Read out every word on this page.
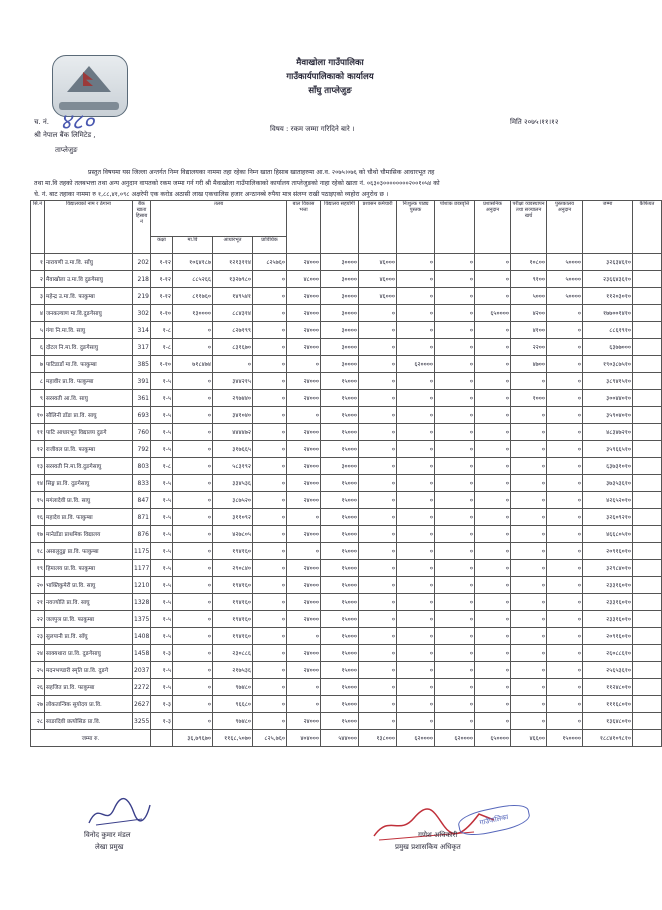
मैवाखोला गाउँपालिका
गाउँकार्यपालिकाको कार्यालय
साँघु ताप्लेजुङ
च. नं. ४८०	मिति २०७५।११।१२
श्री नेपाल बैंक लिमिटेड ,
ताप्लेजुङ
विषय : रकम जम्मा गरिदिने बारे ।
प्रस्तुत विषयमा यस जिल्ला अन्तर्गत निम्न विद्यालयका नाममा तहा रहेका निम्न खाता हिसाब खाताहरुमा आ.व. २०७५।०७६ को चौथो चौमासिक आधारभूत तह
तथा मा.वि तहको तलबभत्ता तथा अन्य अनुदान वापतको रकम जम्मा गर्न गरी श्री मैवाखोला गाउँपालिकाको कार्यालय ताप्लेजुङको नाहा रहेको खाता नं. ०६३०३००००००००२००१०५४ को
चे. नं. बाट तहाका नाममा रु १,८८,४१,०९८ अक्षरेपी एक करोड अठासी लाख एकचालिस हजार अन्ठानब्बे रुपैया मात्र संलग्न राखी पठाइएको व्यहोरा अनुरोध छ ।
सि.नं	विद्यालयको नाम र ठेगाना	बैंक खाता हिसाब नं	तलब				बाल विकास भत्ता	विद्यालय सहयोगी	प्रशासन कर्मचारी	निःशुल्क पाठ्य पुस्तक	पोशाक छात्रवृत्ति	प्रशासनिक अनुदान	परीक्षा व्यवस्थापन तथा सञ्चालन खर्च	पुस्तकालय अनुदान	जम्मा	कैफियत
			कक्षा	मा.वि	आधारभूत	प्राविधिक										
१	नारायणी उ.मा.वि. साँघु	202	१-१२	१०६४१८७	१२१३११४	८२५७६०	२४०००	३००००	४६०००	०	०	०	१०८००	५००००	३२६३४६१०	
२	मैवाखोला उ.मा.वि दुङगेसाघु	218	१-१२	८८५२६६	१३२७९८०	०	४८०००	३००००	४६०००	०	०	०	९१००	५००००	२३६६४३६१०	
३	महेन्द्र उ.मा.वि. फाकुम्बा	219	१-१२	८११७६०	१४९५४१	०	२४०००	३००००	४६०००	०	०	०	५०००	५००००	११२०३०१०	
४	जनकल्याण मा.वि.दुङगेसाघु	302	१-१०	१३००००	८८४३१४	०	२४०००	३००००	०	०	०	६५००००	४२००	०	१७७००१४१०	
५	गंगा नि.मा.वि. साघु	314	१-८	०	८२७१९९	०	२४०००	३००००	०	०	०	०	४१००	०	८८६१९१०	
६	दोटल नि.मा.वि. दुङगेसाघु	317	१-८	०	८३१६७०	०	२४०००	३००००	०	०	०	०	२२००	०	६३७७०००	
७	पाटिडाडाँ मा.वि. फाकुम्बा	385	१-१०	७१८४७४	०	०	०	३००००	०	६२००००	०	०	४७००	०	१९०३८७५१०	
८	महावीर प्रा.वि. फाकुम्बा	391	१-५	०	३४४२१५	०	२४०००	१५०००	०	०	०	०	०	०	३८९४१५१०	
९	सरस्वती आ.वि. साघु	361	१-५	०	२९७४४०	०	२४०००	१५०००	०	०	०	०	१०००	०	३००४४०१०	
१०	सौलिनी डाँडा प्रा.वि. साघु	693	१-५	०	३४१०४०	०	०	१५०००	०	०	०	०	०	०	३५९०४०१०	
११	पाटि आधारभूत विद्यालय दुङगे	760	१-५	०	४४४४७२	०	२४०००	१५०००	०	०	०	०	०	०	४८३४७२१०	
१२	राजीवल प्रा.वि. फाकुम्बा	792	१-५	०	३१७६६५	०	२४०००	१५०००	०	०	०	०	०	०	३५९६६५१०	
१३	सरस्वती नि.मा.वि.दुङगेसाघु	803	१-८	०	५८३१९२	०	२४०००	३००००	०	०	०	०	०	०	६३७३१०१०	
१४	सिङ्ग प्रा.वि. दुङगेसाघु	833	१-५	०	३३४५३६	०	२४०००	१५०००	०	०	०	०	०	०	३७३५३६१०	
१५	मगंलादेवी प्रा.वि. साघु	847	१-५	०	३८७५२०	०	२४०००	१५०००	०	०	०	०	०	०	४२६५२०१०	
१६	महादेव प्रा.वि. फाकुम्बा	871	१-५	०	३११०९२	०	०	१५०००	०	०	०	०	०	०	३२६०९२१०	
१७	मानेडाँडा प्राथमिक विद्यालय	876	१-५	०	४२७८०५	०	२४०००	१५०००	०	०	०	०	०	०	४६६८०५१०	
१८	असालुदुङ्ग प्रा.वि. फाकुम्बा	1175	१-५	०	१९४१६०	०	०	१५०००	०	०	०	०	०	०	२०९१६०१०	
१९	हिमालय प्रा.वि. फाकुम्बा	1177	१-५	०	२९०८४०	०	२४०००	१५०००	०	०	०	०	०	०	३२९८४०१०	
२०	भाक्तिकुमेरी प्रा.वि. साघु	1210	१-५	०	१९४१६०	०	२४०००	१५०००	०	०	०	०	०	०	२३३१६०१०	
२१	नवज्योति प्रा.वि. साघु	1328	१-५	०	१९४१६०	०	२४०००	१५०००	०	०	०	०	०	०	२३३१६०१०	
२२	जलपुञ प्रा.वि. फाकुम्बा	1375	१-५	०	१९४१६०	०	२४०००	१५०००	०	०	०	०	०	०	२३३१६०१०	
२३	सुलपानी प्रा.वि. साँघु	1408	१-५	०	१९४१६०	०	०	१५०००	०	०	०	०	०	०	२०९१६०१०	
२४	साक्यथारा प्रा.वि. दुङगेसाघु	1458	१-३	०	२३०८८६	०	२४०००	१५०००	०	०	०	०	०	०	२६०८८६१०	
२५	मदनभण्डारी स्मृति प्रा.वि. दुङगे	2037	१-५	०	२१७५३६	०	२४०००	१५०००	०	०	०	०	०	०	२५६५३६१०	
२६	सहजित प्रा.वि. फाकुम्बा	2272	१-५	०	९७४८०	०	०	१५०००	०	०	०	०	०	०	११२४८०१०	
२७	लोकतान्त्रिक सुयोदय प्रा.वि.	2627	१-३	०	९६६८०	०	०	१५०००	०	०	०	०	०	०	१११६८०१०	
२८	साङादिवी छत्योसिङ प्रा.वि.	3255	१-३	०	९७४८०	०	२४०००	१५०००	०	०	०	०	०	०	१३६४८०१०	
जम्मा रु.				३६,७९६७०	११६८,५०७०	८२५,७६०	४०४०००	५४४०००	१३८०००	६२००००	६२००००	६५००००	४६६००	१५००००	१८८४१०९८१०	
विनोद कुमार मंडल
लेखा प्रमुख
गाउँपालिका
गणेश अधिकारी
प्रमुख प्रशासकिय अधिकृत
